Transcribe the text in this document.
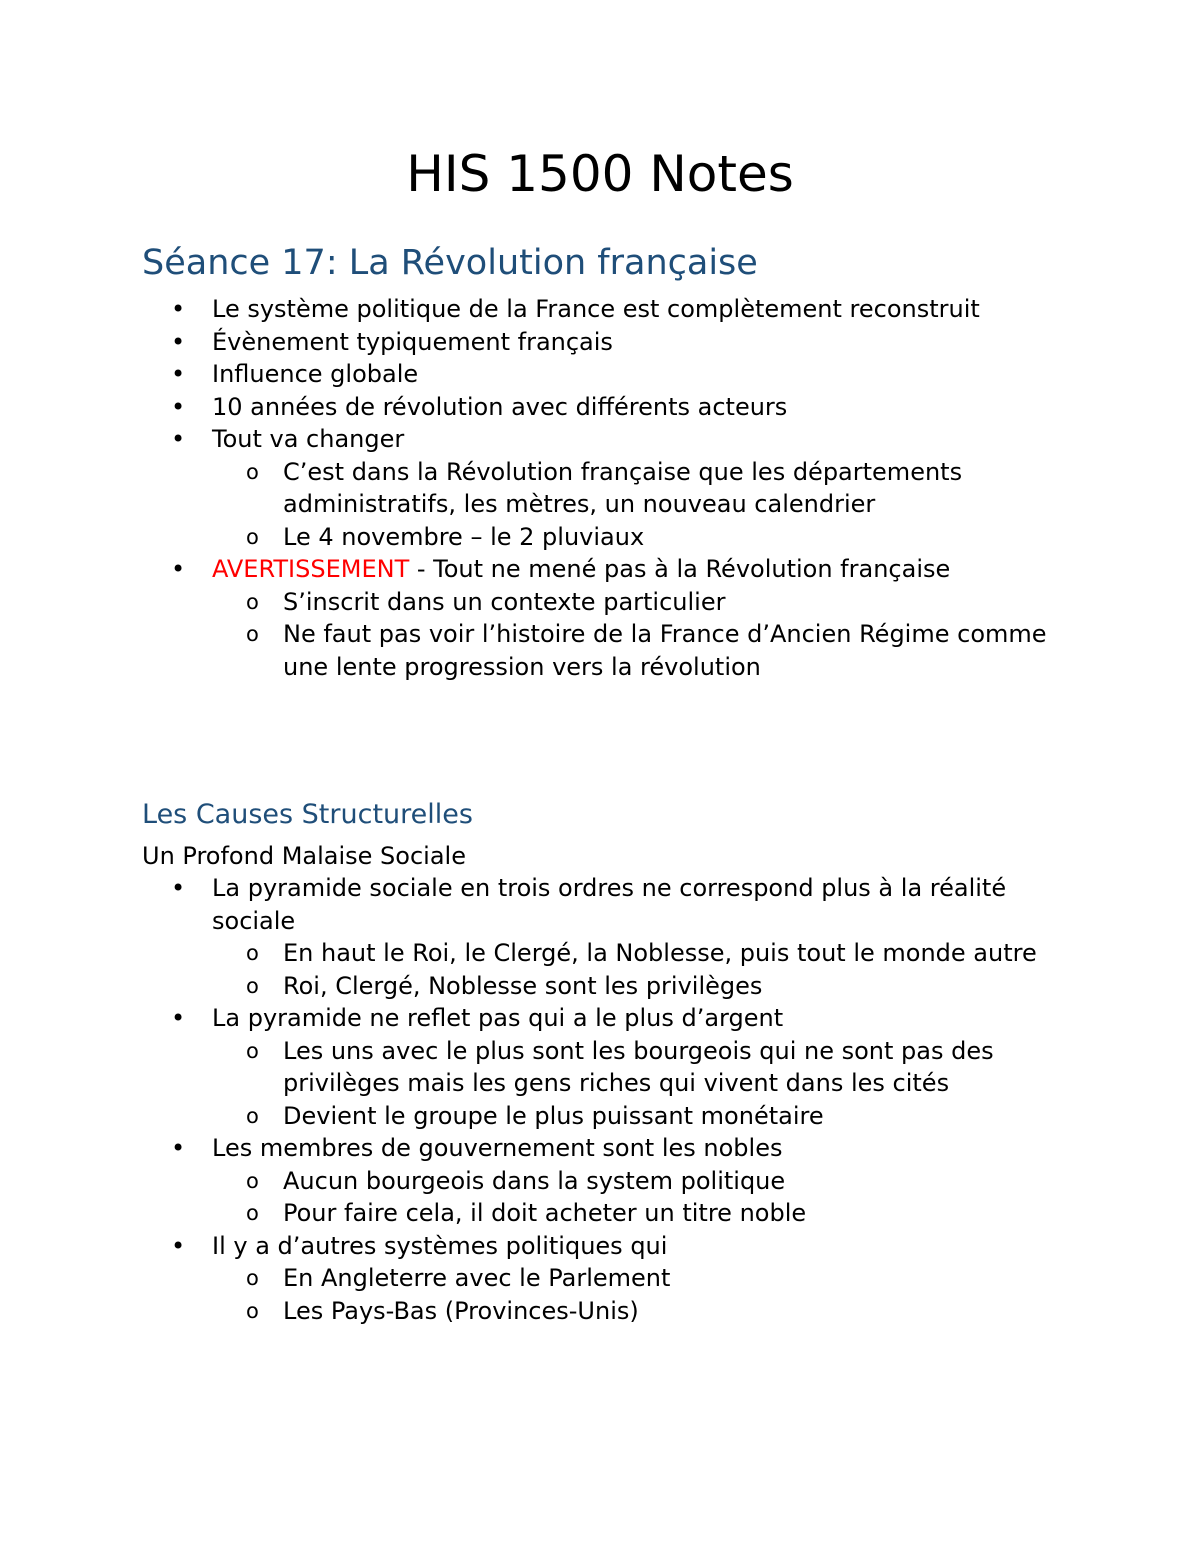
HIS 1500 Notes
Séance 17: La Révolution française
• Le système politique de la France est complètement reconstruit
• Évènement typiquement français
• Influence globale
• 10 années de révolution avec différents acteurs
• Tout va changer
o C’est dans la Révolution française que les départements administratifs, les mètres, un nouveau calendrier
o Le 4 novembre – le 2 pluviaux
• AVERTISSEMENT - Tout ne mené pas à la Révolution française
o S’inscrit dans un contexte particulier
o Ne faut pas voir l’histoire de la France d’Ancien Régime comme une lente progression vers la révolution
Les Causes Structurelles

Un Profond Malaise Sociale

• La pyramide sociale en trois ordres ne correspond plus à la réalité sociale
o En haut le Roi, le Clergé, la Noblesse, puis tout le monde autre
o Roi, Clergé, Noblesse sont les privilèges
• La pyramide ne reflet pas qui a le plus d’argent
o Les uns avec le plus sont les bourgeois qui ne sont pas des privilèges mais les gens riches qui vivent dans les cités
o Devient le groupe le plus puissant monétaire
• Les membres de gouvernement sont les nobles
o Aucun bourgeois dans la system politique
o Pour faire cela, il doit acheter un titre noble
• Il y a d’autres systèmes politiques qui
o En Angleterre avec le Parlement
o Les Pays-Bas (Provinces-Unis)
